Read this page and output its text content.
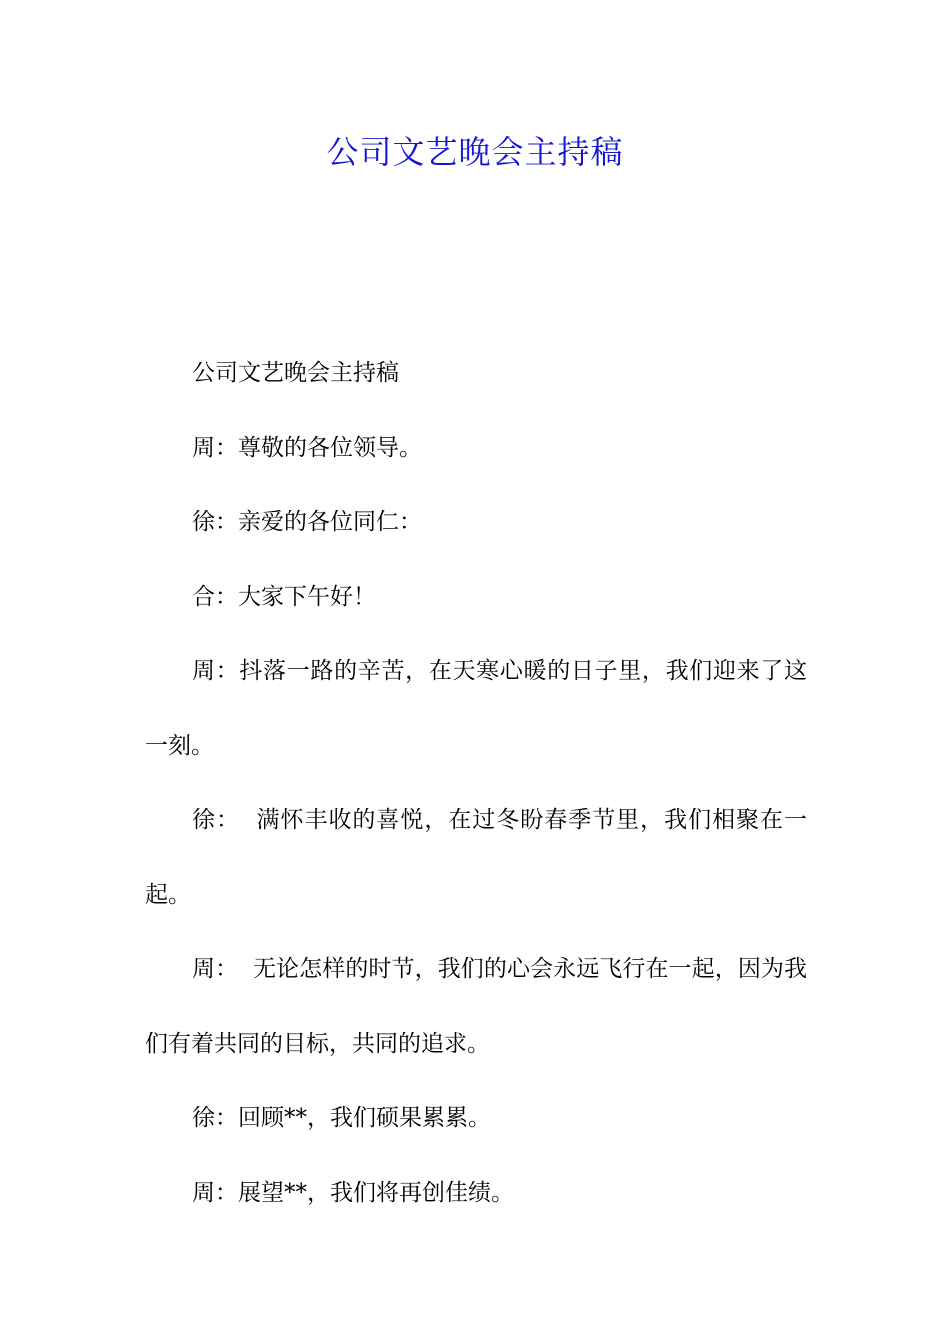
公司文艺晚会主持稿

公司文艺晚会主持稿

周：尊敬的各位领导。

徐：亲爱的各位同仁：

合：大家下午好！

周：抖落一路的辛苦，在天寒心暖的日子里，我们迎来了这一刻。

徐：  满怀丰收的喜悦，在过冬盼春季节里，我们相聚在一起。

周：  无论怎样的时节，我们的心会永远飞行在一起，因为我们有着共同的目标，共同的追求。

徐：回顾**，我们硕果累累。

周：展望**，我们将再创佳绩。
